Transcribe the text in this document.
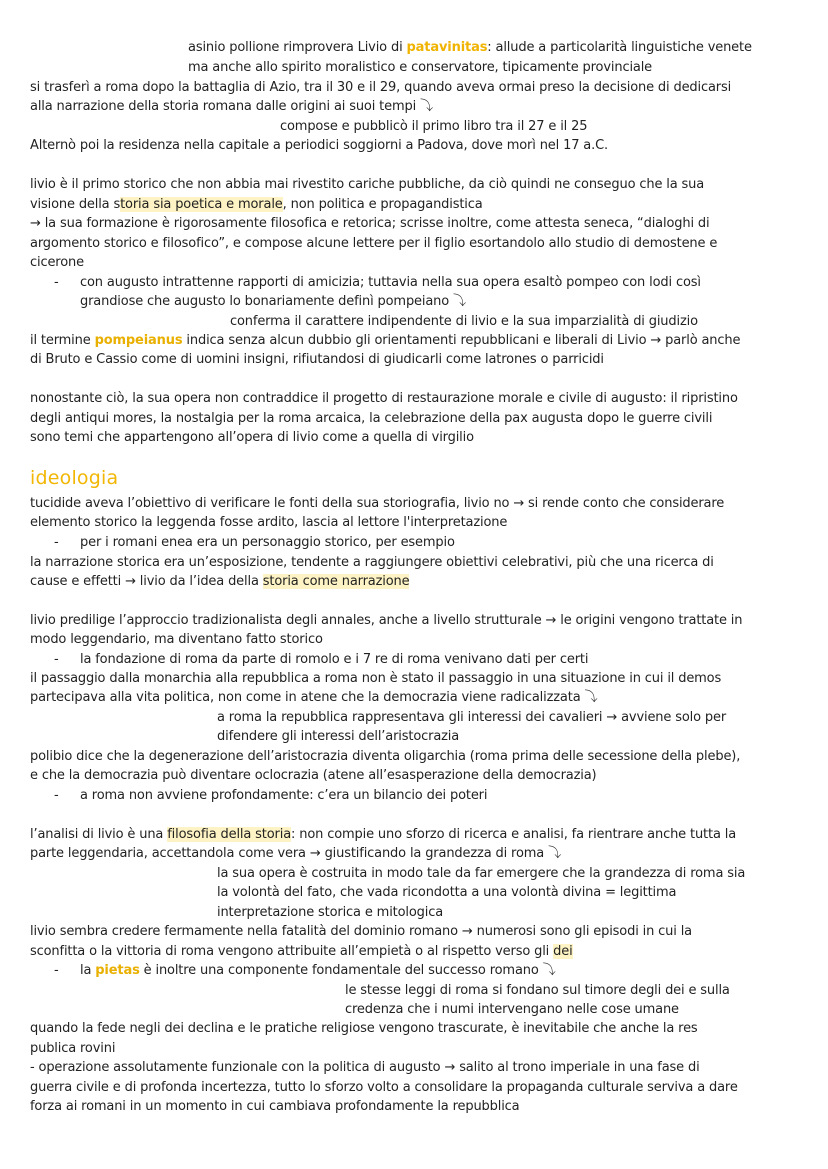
asinio pollione rimprovera Livio di patavinitas: allude a particolarità linguistiche venete
ma anche allo spirito moralistico e conservatore, tipicamente provinciale
si trasferì a roma dopo la battaglia di Azio, tra il 30 e il 29, quando aveva ormai preso la decisione di dedicarsi
alla narrazione della storia romana dalle origini ai suoi tempi ⤵
compose e pubblicò il primo libro tra il 27 e il 25
Alternò poi la residenza nella capitale a periodici soggiorni a Padova, dove morì nel 17 a.C.
livio è il primo storico che non abbia mai rivestito cariche pubbliche, da ciò quindi ne conseguo che la sua
visione della storia sia poetica e morale, non politica e propagandistica
→ la sua formazione è rigorosamente filosofica e retorica; scrisse inoltre, come attesta seneca, “dialoghi di
argomento storico e filosofico”, e compose alcune lettere per il figlio esortandolo allo studio di demostene e
cicerone
- con augusto intrattenne rapporti di amicizia; tuttavia nella sua opera esaltò pompeo con lodi così
grandiose che augusto lo bonariamente definì pompeiano ⤵
conferma il carattere indipendente di livio e la sua imparzialità di giudizio
il termine pompeianus indica senza alcun dubbio gli orientamenti repubblicani e liberali di Livio → parlò anche
di Bruto e Cassio come di uomini insigni, rifiutandosi di giudicarli come latrones o parricidi
nonostante ciò, la sua opera non contraddice il progetto di restaurazione morale e civile di augusto: il ripristino
degli antiqui mores, la nostalgia per la roma arcaica, la celebrazione della pax augusta dopo le guerre civili
sono temi che appartengono all’opera di livio come a quella di virgilio
ideologia
tucidide aveva l’obiettivo di verificare le fonti della sua storiografia, livio no → si rende conto che considerare
elemento storico la leggenda fosse ardito, lascia al lettore l'interpretazione
- per i romani enea era un personaggio storico, per esempio
la narrazione storica era un’esposizione, tendente a raggiungere obiettivi celebrativi, più che una ricerca di
cause e effetti → livio da l’idea della storia come narrazione
livio predilige l’approccio tradizionalista degli annales, anche a livello strutturale → le origini vengono trattate in
modo leggendario, ma diventano fatto storico
- la fondazione di roma da parte di romolo e i 7 re di roma venivano dati per certi
il passaggio dalla monarchia alla repubblica a roma non è stato il passaggio in una situazione in cui il demos
partecipava alla vita politica, non come in atene che la democrazia viene radicalizzata ⤵
a roma la repubblica rappresentava gli interessi dei cavalieri → avviene solo per
difendere gli interessi dell’aristocrazia
polibio dice che la degenerazione dell’aristocrazia diventa oligarchia (roma prima delle secessione della plebe),
e che la democrazia può diventare oclocrazia (atene all’esasperazione della democrazia)
- a roma non avviene profondamente: c’era un bilancio dei poteri
l’analisi di livio è una filosofia della storia: non compie uno sforzo di ricerca e analisi, fa rientrare anche tutta la
parte leggendaria, accettandola come vera → giustificando la grandezza di roma ⤵
la sua opera è costruita in modo tale da far emergere che la grandezza di roma sia
la volontà del fato, che vada ricondotta a una volontà divina = legittima
interpretazione storica e mitologica
livio sembra credere fermamente nella fatalità del dominio romano → numerosi sono gli episodi in cui la
sconfitta o la vittoria di roma vengono attribuite all’empietà o al rispetto verso gli dei
- la pietas è inoltre una componente fondamentale del successo romano ⤵
le stesse leggi di roma si fondano sul timore degli dei e sulla
credenza che i numi intervengano nelle cose umane
quando la fede negli dei declina e le pratiche religiose vengono trascurate, è inevitabile che anche la res
publica rovini
- operazione assolutamente funzionale con la politica di augusto → salito al trono imperiale in una fase di
guerra civile e di profonda incertezza, tutto lo sforzo volto a consolidare la propaganda culturale serviva a dare
forza ai romani in un momento in cui cambiava profondamente la repubblica
